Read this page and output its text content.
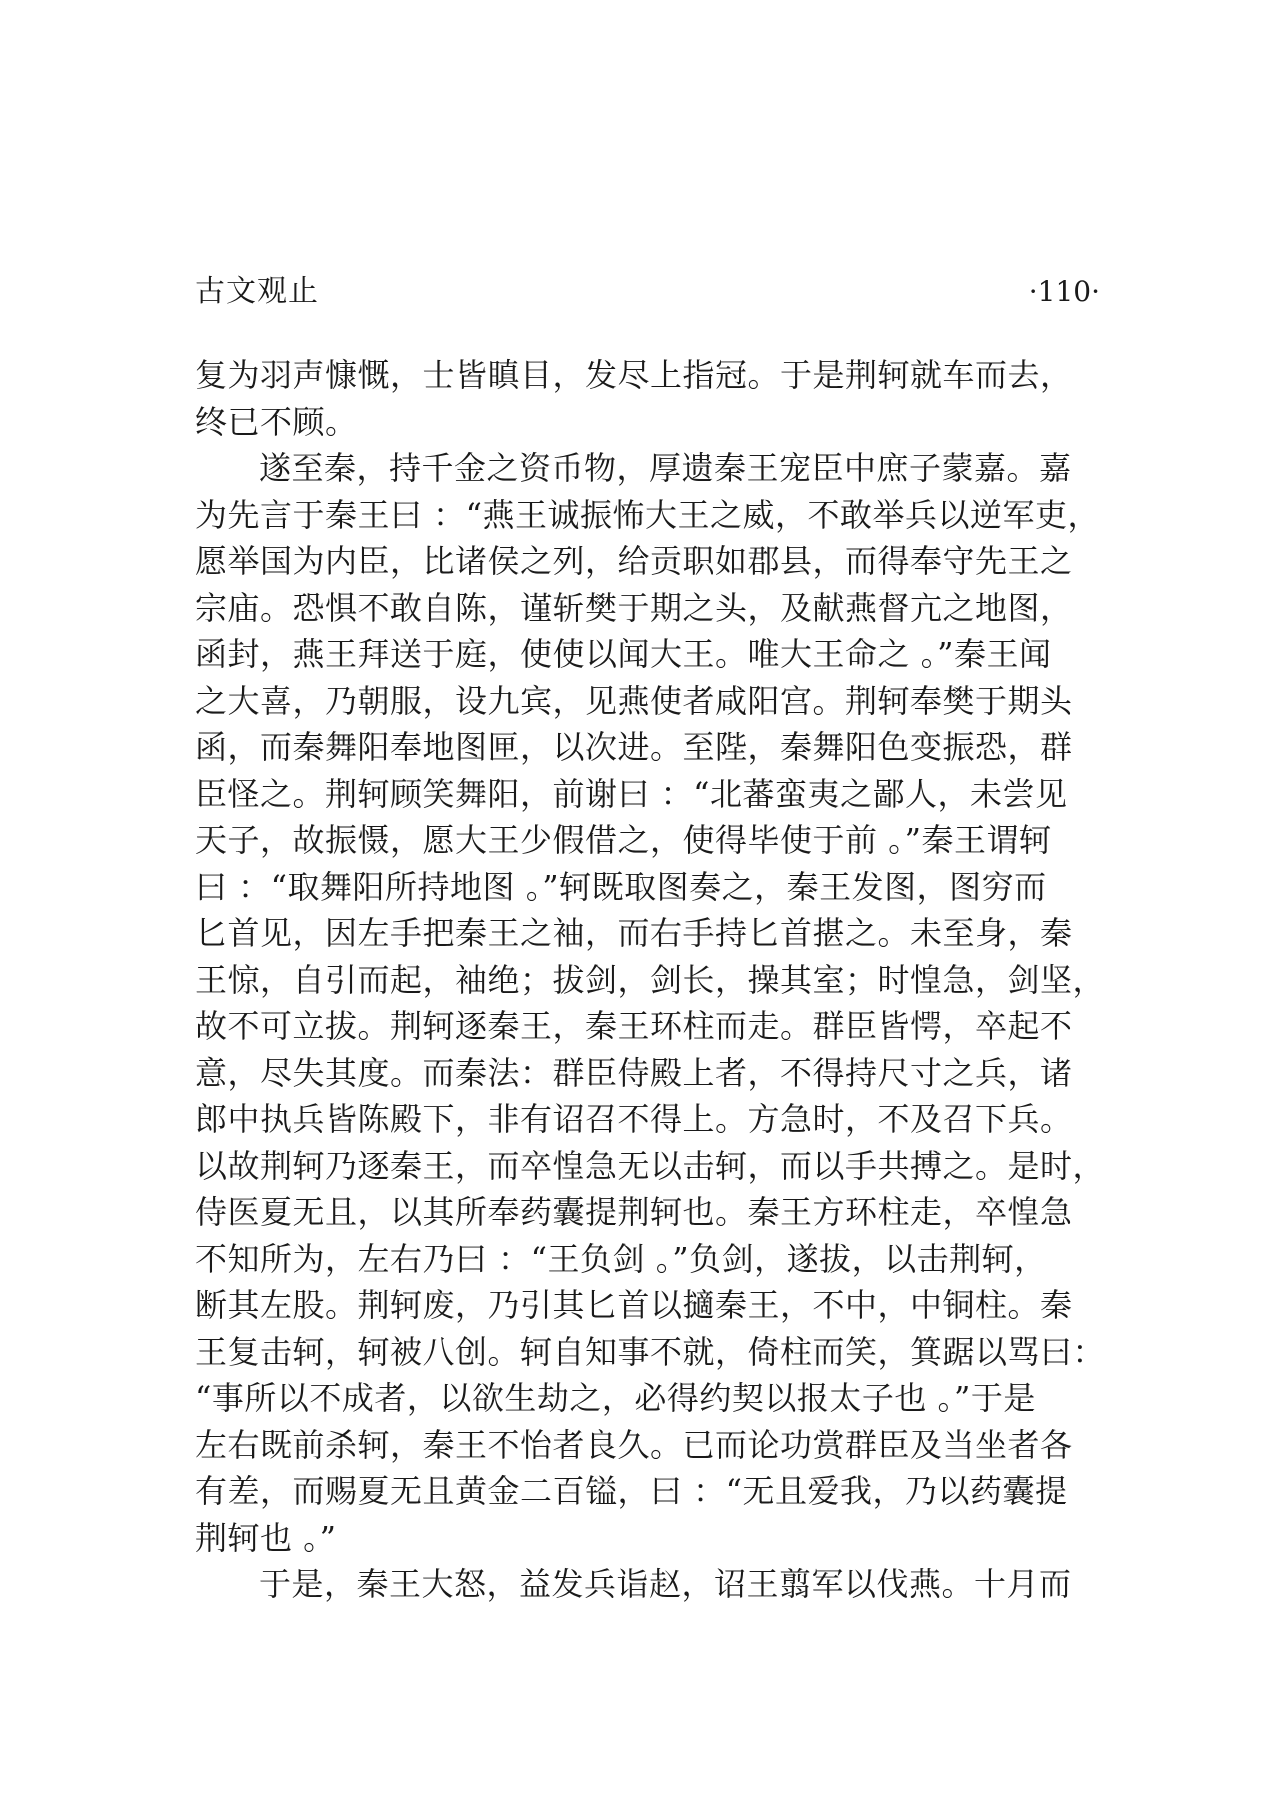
古文观止	·110·
复为羽声慷慨，士皆瞋目，发尽上指冠。于是荆轲就车而去，
终已不顾。
遂至秦，持千金之资币物，厚遗秦王宠臣中庶子蒙嘉。嘉
为先言于秦王曰 ：“燕王诚振怖大王之威，不敢举兵以逆军吏，
愿举国为内臣，比诸侯之列，给贡职如郡县，而得奉守先王之
宗庙。恐惧不敢自陈，谨斩樊于期之头，及献燕督亢之地图，
函封，燕王拜送于庭，使使以闻大王。唯大王命之 。”秦王闻
之大喜，乃朝服，设九宾，见燕使者咸阳宫。荆轲奉樊于期头
函，而秦舞阳奉地图匣，以次进。至陛，秦舞阳色变振恐，群
臣怪之。荆轲顾笑舞阳，前谢曰 ：“北蕃蛮夷之鄙人，未尝见
天子，故振慑，愿大王少假借之，使得毕使于前 。”秦王谓轲
曰 ：“取舞阳所持地图 。”轲既取图奏之，秦王发图，图穷而
匕首见，因左手把秦王之袖，而右手持匕首揕之。未至身，秦
王惊，自引而起，袖绝；拔剑，剑长，操其室；时惶急，剑坚，
故不可立拔。荆轲逐秦王，秦王环柱而走。群臣皆愕，卒起不
意，尽失其度。而秦法：群臣侍殿上者，不得持尺寸之兵，诸
郎中执兵皆陈殿下，非有诏召不得上。方急时，不及召下兵。
以故荆轲乃逐秦王，而卒惶急无以击轲，而以手共搏之。是时，
侍医夏无且，以其所奉药囊提荆轲也。秦王方环柱走，卒惶急
不知所为，左右乃曰 ：“王负剑 。”负剑，遂拔，以击荆轲，
断其左股。荆轲废，乃引其匕首以擿秦王，不中，中铜柱。秦
王复击轲，轲被八创。轲自知事不就，倚柱而笑，箕踞以骂曰：
“事所以不成者，以欲生劫之，必得约契以报太子也 。”于是
左右既前杀轲，秦王不怡者良久。已而论功赏群臣及当坐者各
有差，而赐夏无且黄金二百镒，曰 ：“无且爱我，乃以药囊提
荆轲也 。”
于是，秦王大怒，益发兵诣赵，诏王翦军以伐燕。十月而
